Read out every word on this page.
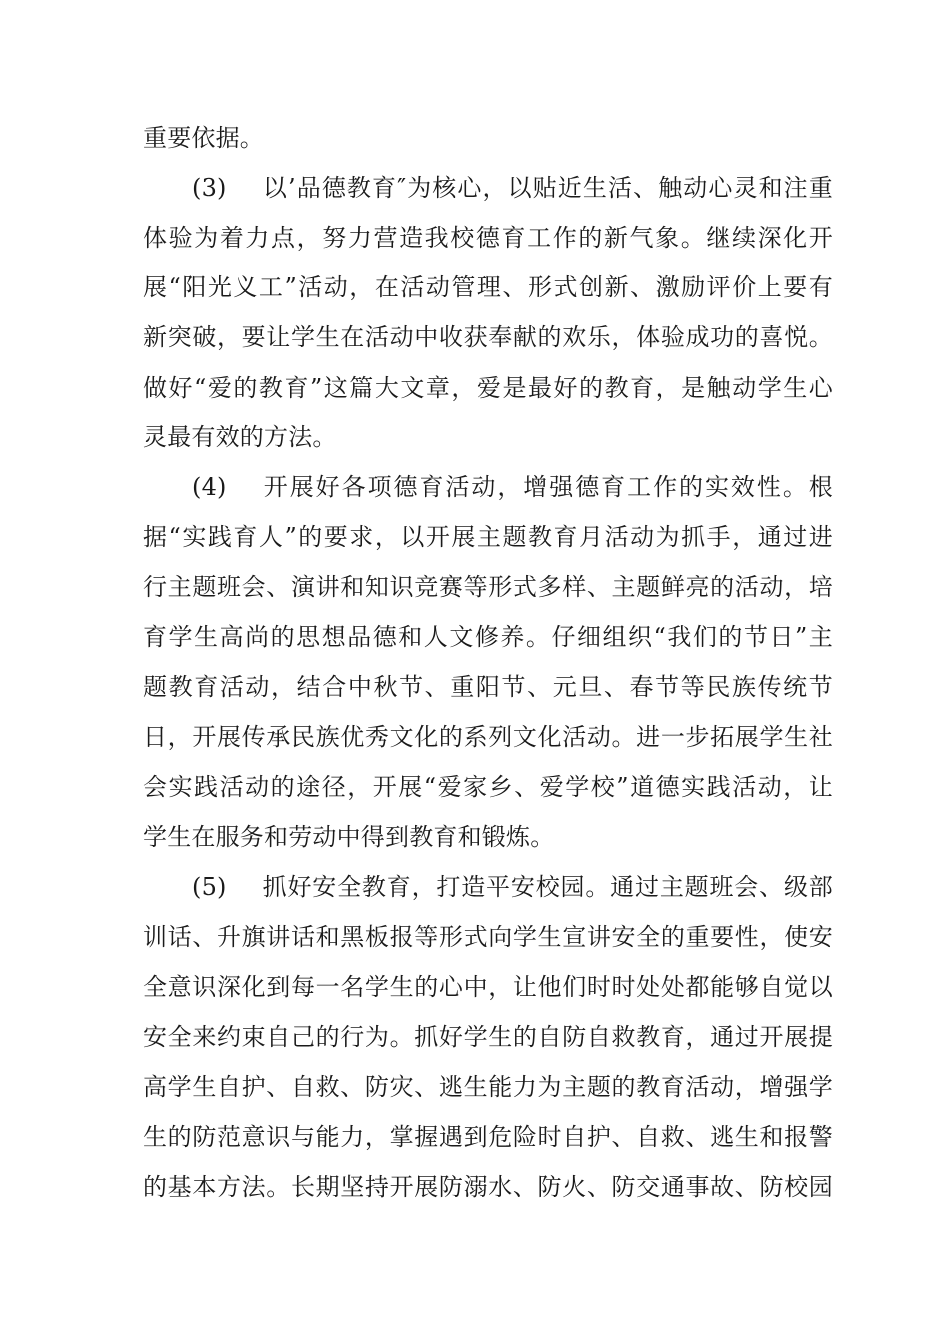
重要依据。
(3) 以’品德教育″为核心，以贴近生活、触动心灵和注重
体验为着力点，努力营造我校德育工作的新气象。继续深化开
展“阳光义工”活动，在活动管理、形式创新、激励评价上要有
新突破，要让学生在活动中收获奉献的欢乐，体验成功的喜悦。
做好“爱的教育”这篇大文章，爱是最好的教育，是触动学生心
灵最有效的方法。
(4) 开展好各项德育活动，增强德育工作的实效性。根
据“实践育人”的要求，以开展主题教育月活动为抓手，通过进
行主题班会、演讲和知识竞赛等形式多样、主题鲜亮的活动，培
育学生高尚的思想品德和人文修养。仔细组织“我们的节日”主
题教育活动，结合中秋节、重阳节、元旦、春节等民族传统节
日，开展传承民族优秀文化的系列文化活动。进一步拓展学生社
会实践活动的途径，开展“爱家乡、爱学校”道德实践活动，让
学生在服务和劳动中得到教育和锻炼。
(5) 抓好安全教育，打造平安校园。通过主题班会、级部
训话、升旗讲话和黑板报等形式向学生宣讲安全的重要性，使安
全意识深化到每一名学生的心中，让他们时时处处都能够自觉以
安全来约束自己的行为。抓好学生的自防自救教育，通过开展提
高学生自护、自救、防灾、逃生能力为主题的教育活动，增强学
生的防范意识与能力，掌握遇到危险时自护、自救、逃生和报警
的基本方法。长期坚持开展防溺水、防火、防交通事故、防校园
